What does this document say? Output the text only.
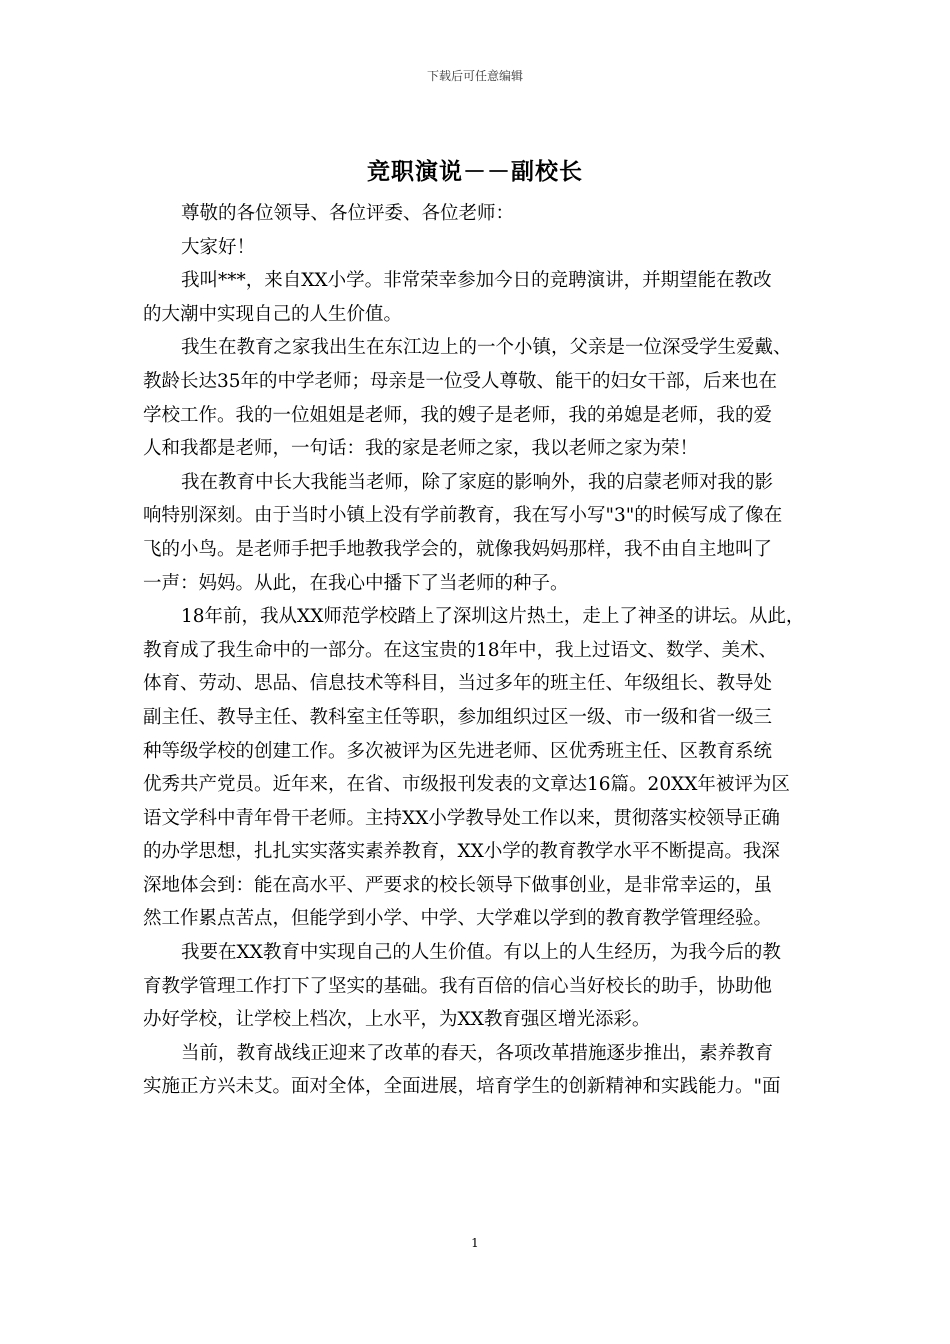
下载后可任意编辑
竞职演说－－副校长
尊敬的各位领导、各位评委、各位老师：
大家好！
我叫***，来自XX小学。非常荣幸参加今日的竞聘演讲，并期望能在教改
的大潮中实现自己的人生价值。
我生在教育之家我出生在东江边上的一个小镇，父亲是一位深受学生爱戴、
教龄长达35年的中学老师；母亲是一位受人尊敬、能干的妇女干部，后来也在
学校工作。我的一位姐姐是老师，我的嫂子是老师，我的弟媳是老师，我的爱
人和我都是老师，一句话：我的家是老师之家，我以老师之家为荣！
我在教育中长大我能当老师，除了家庭的影响外，我的启蒙老师对我的影
响特别深刻。由于当时小镇上没有学前教育，我在写小写"3"的时候写成了像在
飞的小鸟。是老师手把手地教我学会的，就像我妈妈那样，我不由自主地叫了
一声：妈妈。从此，在我心中播下了当老师的种子。
18年前，我从XX师范学校踏上了深圳这片热土，走上了神圣的讲坛。从此，
教育成了我生命中的一部分。在这宝贵的18年中，我上过语文、数学、美术、
体育、劳动、思品、信息技术等科目，当过多年的班主任、年级组长、教导处
副主任、教导主任、教科室主任等职，参加组织过区一级、市一级和省一级三
种等级学校的创建工作。多次被评为区先进老师、区优秀班主任、区教育系统
优秀共产党员。近年来，在省、市级报刊发表的文章达16篇。20XX年被评为区
语文学科中青年骨干老师。主持XX小学教导处工作以来，贯彻落实校领导正确
的办学思想，扎扎实实落实素养教育，XX小学的教育教学水平不断提高。我深
深地体会到：能在高水平、严要求的校长领导下做事创业，是非常幸运的，虽
然工作累点苦点，但能学到小学、中学、大学难以学到的教育教学管理经验。
我要在XX教育中实现自己的人生价值。有以上的人生经历，为我今后的教
育教学管理工作打下了坚实的基础。我有百倍的信心当好校长的助手，协助他
办好学校，让学校上档次，上水平，为XX教育强区增光添彩。
当前，教育战线正迎来了改革的春天，各项改革措施逐步推出，素养教育
实施正方兴未艾。面对全体，全面进展，培育学生的创新精神和实践能力。"面
1
